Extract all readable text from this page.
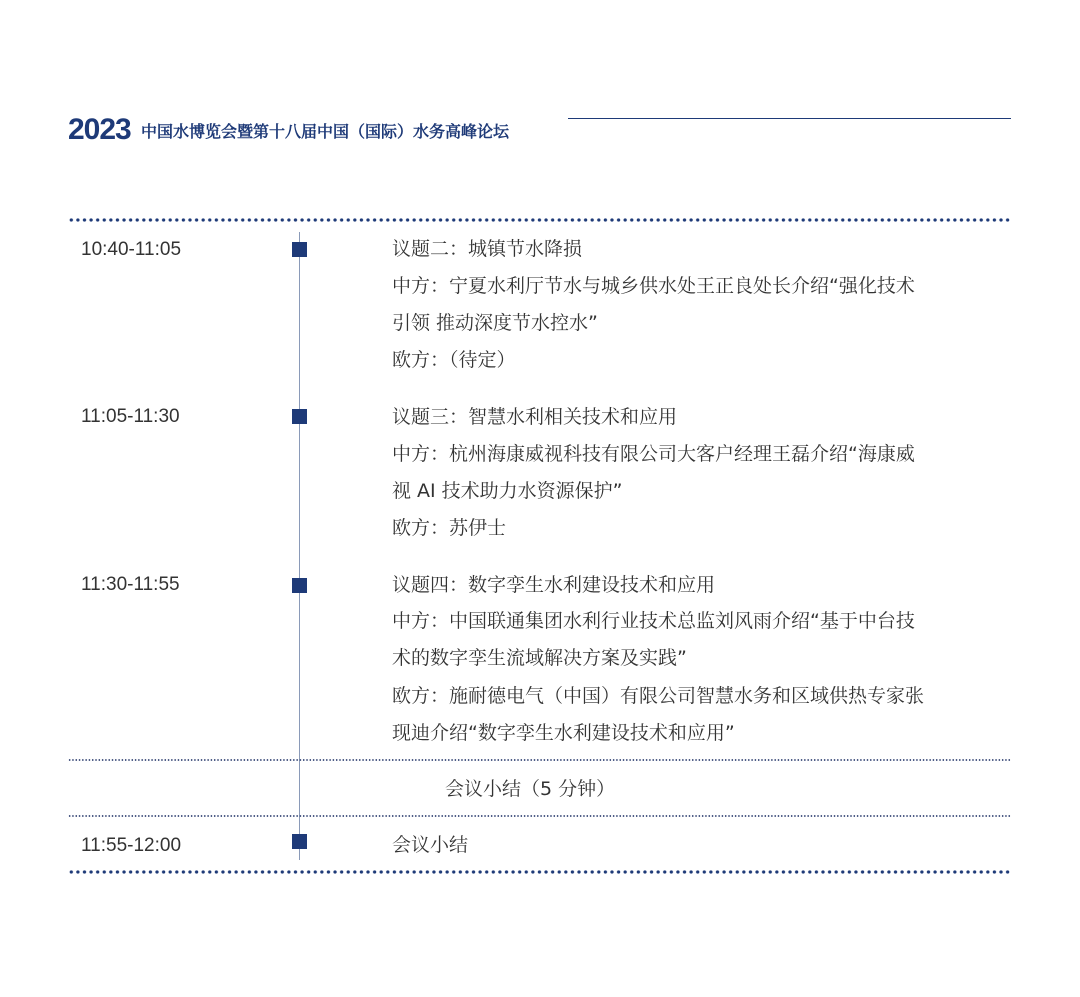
2023 中国水博览会暨第十八届中国（国际）水务高峰论坛
10:40-11:05	议题二：城镇节水降损
中方：宁夏水利厅节水与城乡供水处王正良处长介绍“强化技术
引领 推动深度节水控水”
欧方：（待定）
11:05-11:30	议题三：智慧水利相关技术和应用
中方：杭州海康威视科技有限公司大客户经理王磊介绍“海康威
视 AI 技术助力水资源保护”
欧方：苏伊士
11:30-11:55	议题四：数字孪生水利建设技术和应用
中方：中国联通集团水利行业技术总监刘风雨介绍“基于中台技
术的数字孪生流域解决方案及实践”
欧方：施耐德电气（中国）有限公司智慧水务和区域供热专家张
现迪介绍“数字孪生水利建设技术和应用”
会议小结（5 分钟）
11:55-12:00	会议小结
